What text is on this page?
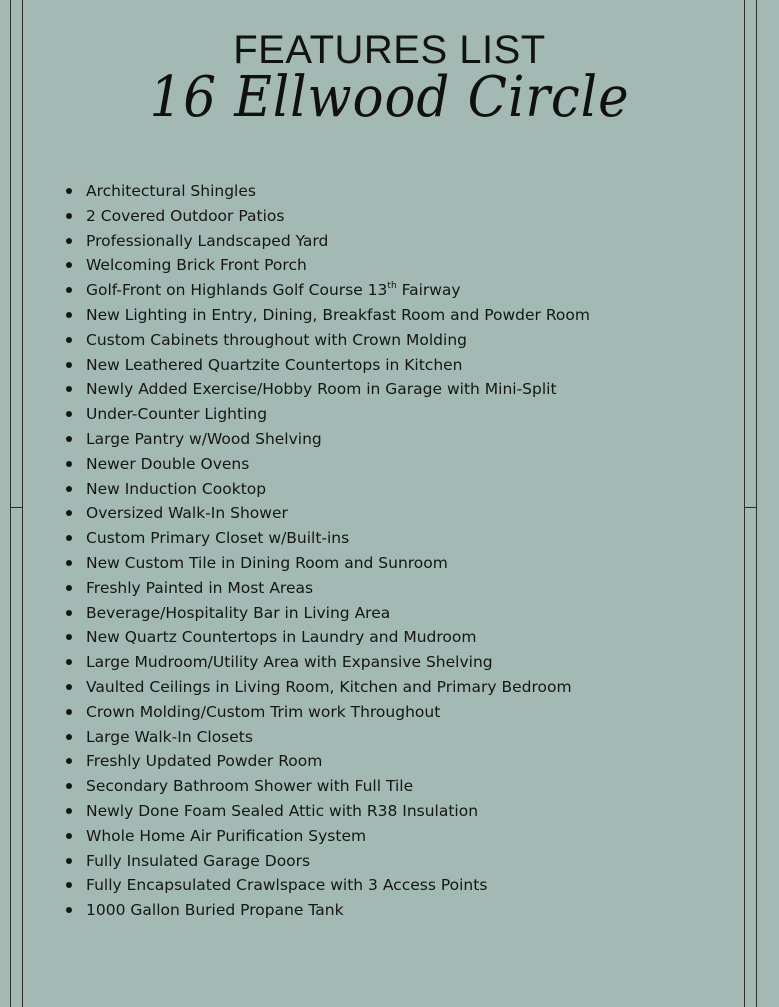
FEATURES LIST
16 Ellwood Circle
Architectural Shingles
2 Covered Outdoor Patios
Professionally Landscaped Yard
Welcoming Brick Front Porch
Golf-Front on Highlands Golf Course 13th Fairway
New Lighting in Entry, Dining, Breakfast Room and Powder Room
Custom Cabinets throughout with Crown Molding
New Leathered Quartzite Countertops in Kitchen
Newly Added Exercise/Hobby Room in Garage with Mini-Split
Under-Counter Lighting
Large Pantry w/Wood Shelving
Newer Double Ovens
New Induction Cooktop
Oversized Walk-In Shower
Custom Primary Closet w/Built-ins
New Custom Tile in Dining Room and Sunroom
Freshly Painted in Most Areas
Beverage/Hospitality Bar in Living Area
New Quartz Countertops in Laundry and Mudroom
Large Mudroom/Utility Area with Expansive Shelving
Vaulted Ceilings in Living Room, Kitchen and Primary Bedroom
Crown Molding/Custom Trim work Throughout
Large Walk-In Closets
Freshly Updated Powder Room
Secondary Bathroom Shower with Full Tile
Newly Done Foam Sealed Attic with R38 Insulation
Whole Home Air Purification System
Fully Insulated Garage Doors
Fully Encapsulated Crawlspace with 3 Access Points
1000 Gallon Buried Propane Tank
